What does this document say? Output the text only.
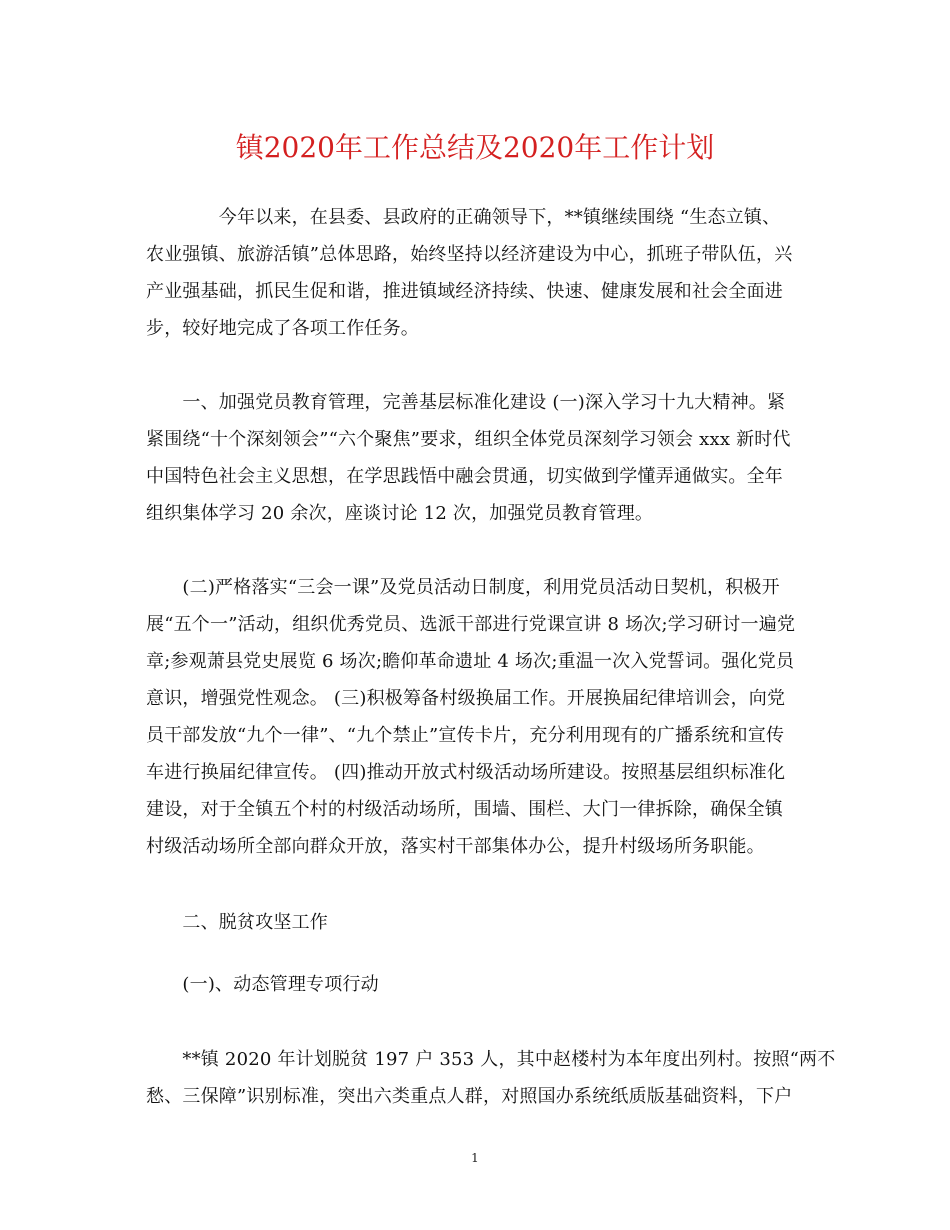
镇2020年工作总结及2020年工作计划

　　　　今年以来，在县委、县政府的正确领导下，**镇继续围绕 “生态立镇、
农业强镇、旅游活镇”总体思路，始终坚持以经济建设为中心，抓班子带队伍，兴
产业强基础，抓民生促和谐，推进镇域经济持续、快速、健康发展和社会全面进
步，较好地完成了各项工作任务。

　　一、加强党员教育管理，完善基层标准化建设 (一)深入学习十九大精神。紧
紧围绕“十个深刻领会”“六个聚焦”要求，组织全体党员深刻学习领会 xxx 新时代
中国特色社会主义思想，在学思践悟中融会贯通，切实做到学懂弄通做实。全年
组织集体学习 20 余次，座谈讨论 12 次，加强党员教育管理。

　　(二)严格落实“三会一课”及党员活动日制度，利用党员活动日契机，积极开
展“五个一”活动，组织优秀党员、选派干部进行党课宣讲 8 场次;学习研讨一遍党
章;参观萧县党史展览 6 场次;瞻仰革命遗址 4 场次;重温一次入党誓词。强化党员
意识，增强党性观念。 (三)积极筹备村级换届工作。开展换届纪律培训会，向党
员干部发放“九个一律”、“九个禁止”宣传卡片，充分利用现有的广播系统和宣传
车进行换届纪律宣传。 (四)推动开放式村级活动场所建设。按照基层组织标准化
建设，对于全镇五个村的村级活动场所，围墙、围栏、大门一律拆除，确保全镇
村级活动场所全部向群众开放，落实村干部集体办公，提升村级场所务职能。

　　二、脱贫攻坚工作

　　(一)、动态管理专项行动

　　**镇 2020 年计划脱贫 197 户 353 人，其中赵楼村为本年度出列村。按照“两不
愁、三保障”识别标准，突出六类重点人群，对照国办系统纸质版基础资料，下户

1
